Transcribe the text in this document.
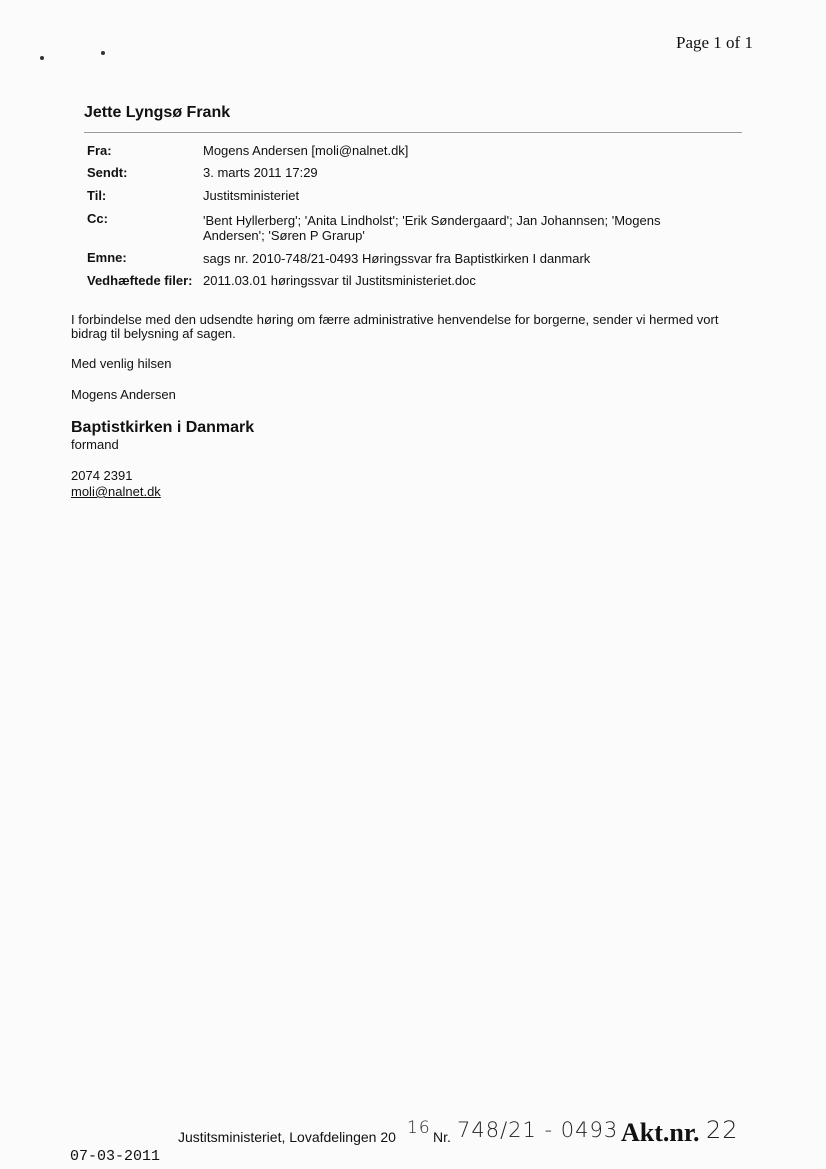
Page 1 of 1
Jette Lyngsø Frank
Fra:	Mogens Andersen [moli@nalnet.dk]
Sendt:	3. marts 2011 17:29
Til:	Justitsministeriet
Cc:	'Bent Hyllerberg'; 'Anita Lindholst'; 'Erik Søndergaard'; Jan Johannsen; 'Mogens Andersen'; 'Søren P Grarup'
Emne:	sags nr. 2010-748/21-0493 Høringssvar fra Baptistkirken I danmark
Vedhæftede filer: 2011.03.01 høringssvar til Justitsministeriet.doc
I forbindelse med den udsendte høring om færre administrative henvendelse for borgerne, sender vi hermed vort bidrag til belysning af sagen.
Med venlig hilsen
Mogens Andersen
Baptistkirken i Danmark
formand
2074 2391
moli@nalnet.dk
Justitsministeriet, Lovafdelingen 20 16 Nr. 748/21 - 0493 Akt.nr. 22
07-03-2011
